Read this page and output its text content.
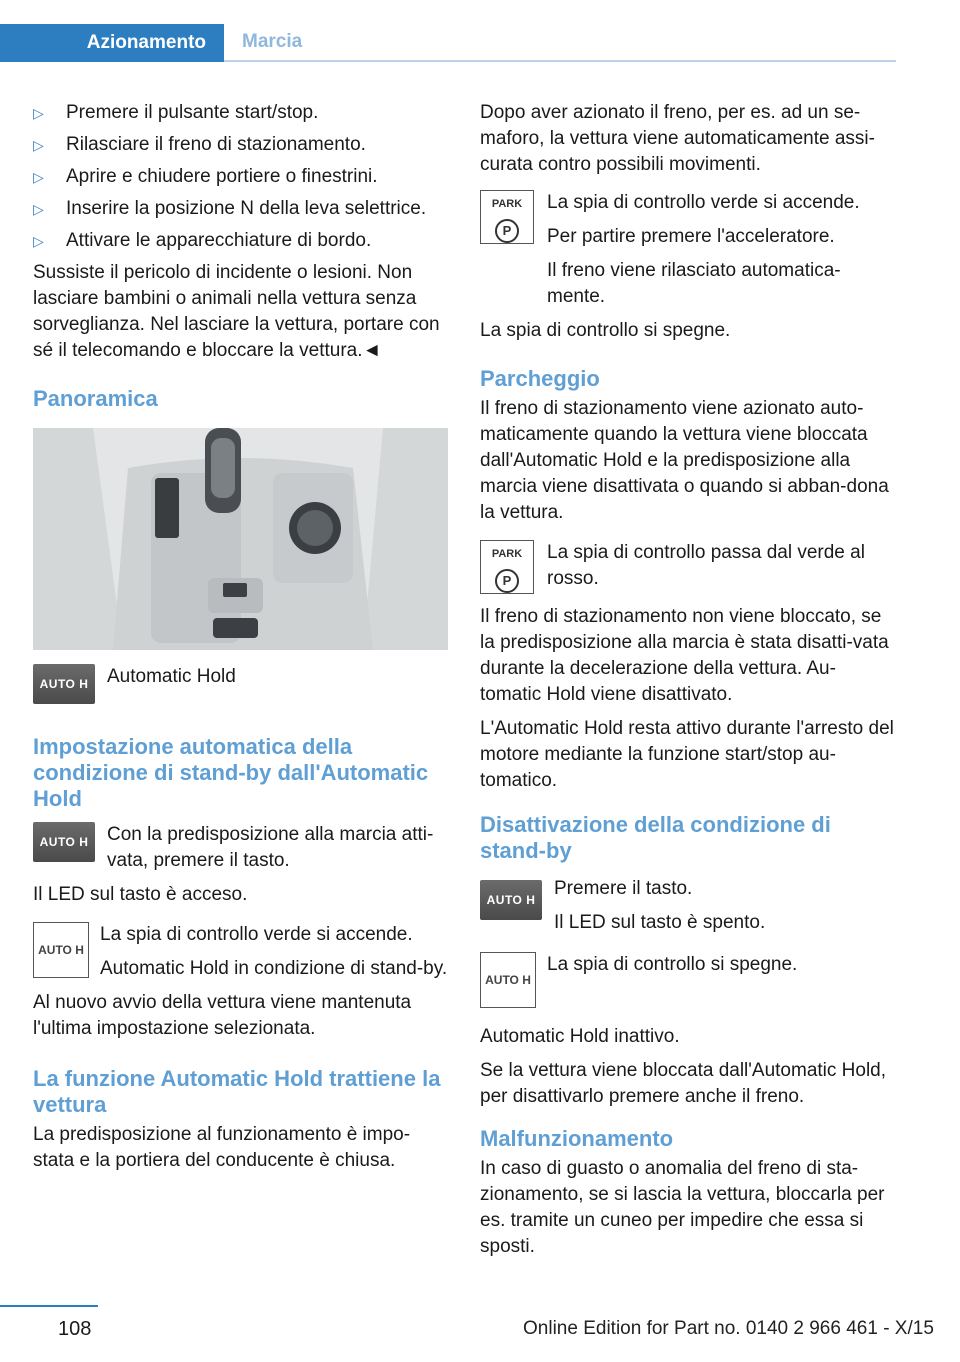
Azionamento Marcia
▷ Premere il pulsante start/stop.
▷ Rilasciare il freno di stazionamento.
▷ Aprire e chiudere portiere o finestrini.
▷ Inserire la posizione N della leva selettrice.
▷ Attivare le apparecchiature di bordo.

Sussiste il pericolo di incidente o lesioni. Non lasciare bambini o animali nella vettura senza sorveglianza. Nel lasciare la vettura, portare con sé il telecomando e bloccare la vettura.◄

Panoramica
AUTO H Automatic Hold
Impostazione automatica della condizione di stand-by dall'Automatic Hold
AUTO H Con la predisposizione alla marcia atti‐vata, premere il tasto.

Il LED sul tasto è acceso.

AUTO H

La spia di controllo verde si accende.

Automatic Hold in condizione di stand-by.

Al nuovo avvio della vettura viene mantenuta l'ultima impostazione selezionata.

La funzione Automatic Hold trattiene la vettura

La predisposizione al funzionamento è impo‐stata e la portiera del conducente è chiusa.

Dopo aver azionato il freno, per es. ad un se‐maforo, la vettura viene automaticamente assi‐curata contro possibili movimenti.

PARK
P

La spia di controllo verde si accende.

Per partire premere l'acceleratore.

Il freno viene rilasciato automatica‐mente.

La spia di controllo si spegne.

Parcheggio

Il freno di stazionamento viene azionato auto‐maticamente quando la vettura viene bloccata dall'Automatic Hold e la predisposizione alla marcia viene disattivata o quando si abban‐dona la vettura.

PARK
P
La spia di controllo passa dal verde al rosso.

Il freno di stazionamento non viene bloccato, se la predisposizione alla marcia è stata disatti‐vata durante la decelerazione della vettura. Au‐tomatic Hold viene disattivato.

L'Automatic Hold resta attivo durante l'arresto del motore mediante la funzione start/stop au‐tomatico.

Disattivazione della condizione di stand-by
AUTO H

Premere il tasto.

Il LED sul tasto è spento.

AUTO H
La spia di controllo si spegne.

Automatic Hold inattivo.

Se la vettura viene bloccata dall'Automatic Hold, per disattivarlo premere anche il freno.

Malfunzionamento

In caso di guasto o anomalia del freno di sta‐zionamento, se si lascia la vettura, bloccarla per es. tramite un cuneo per impedire che essa si sposti.

108	Online Edition for Part no. 0140 2 966 461 - X/15
